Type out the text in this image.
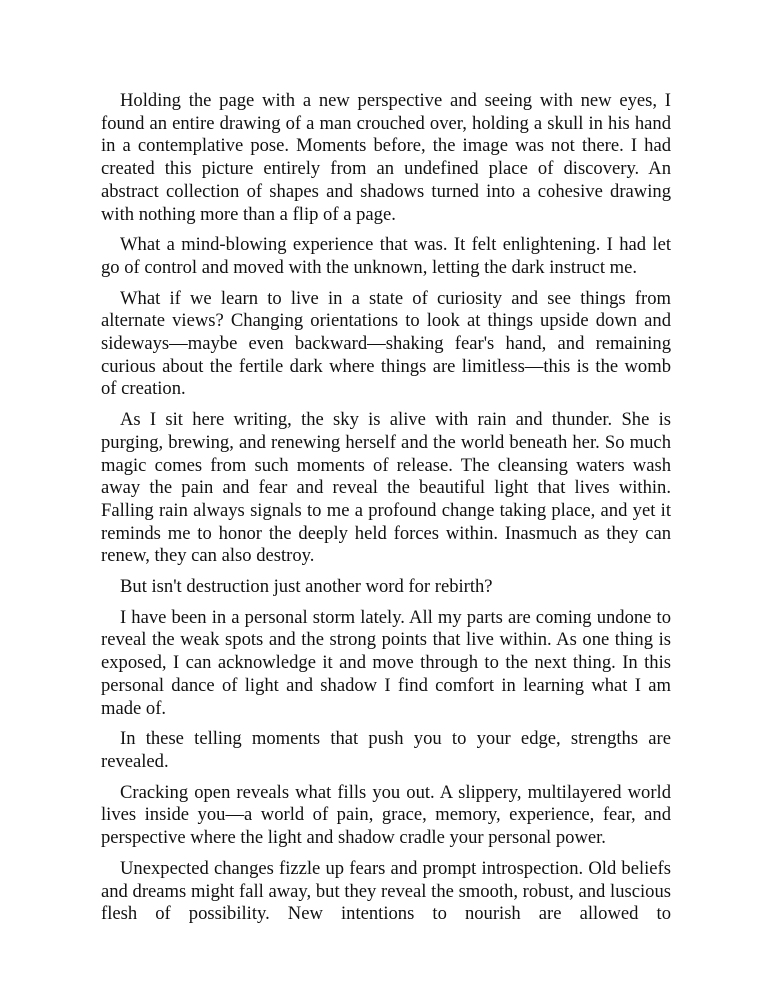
Holding the page with a new perspective and seeing with new eyes, I found an entire drawing of a man crouched over, holding a skull in his hand in a contemplative pose. Moments before, the image was not there. I had created this picture entirely from an undefined place of discovery. An abstract collection of shapes and shadows turned into a cohesive drawing with nothing more than a flip of a page.

What a mind-blowing experience that was. It felt enlightening. I had let go of control and moved with the unknown, letting the dark instruct me.

What if we learn to live in a state of curiosity and see things from alternate views? Changing orientations to look at things upside down and sideways—maybe even backward—shaking fear's hand, and remaining curious about the fertile dark where things are limitless—this is the womb of creation.

As I sit here writing, the sky is alive with rain and thunder. She is purging, brewing, and renewing herself and the world beneath her. So much magic comes from such moments of release. The cleansing waters wash away the pain and fear and reveal the beautiful light that lives within. Falling rain always signals to me a profound change taking place, and yet it reminds me to honor the deeply held forces within. Inasmuch as they can renew, they can also destroy.

But isn't destruction just another word for rebirth?

I have been in a personal storm lately. All my parts are coming undone to reveal the weak spots and the strong points that live within. As one thing is exposed, I can acknowledge it and move through to the next thing. In this personal dance of light and shadow I find comfort in learning what I am made of.

In these telling moments that push you to your edge, strengths are revealed.

Cracking open reveals what fills you out. A slippery, multilayered world lives inside you—a world of pain, grace, memory, experience, fear, and perspective where the light and shadow cradle your personal power.

Unexpected changes fizzle up fears and prompt introspection. Old beliefs and dreams might fall away, but they reveal the smooth, robust, and luscious flesh of possibility. New intentions to nourish are allowed to
